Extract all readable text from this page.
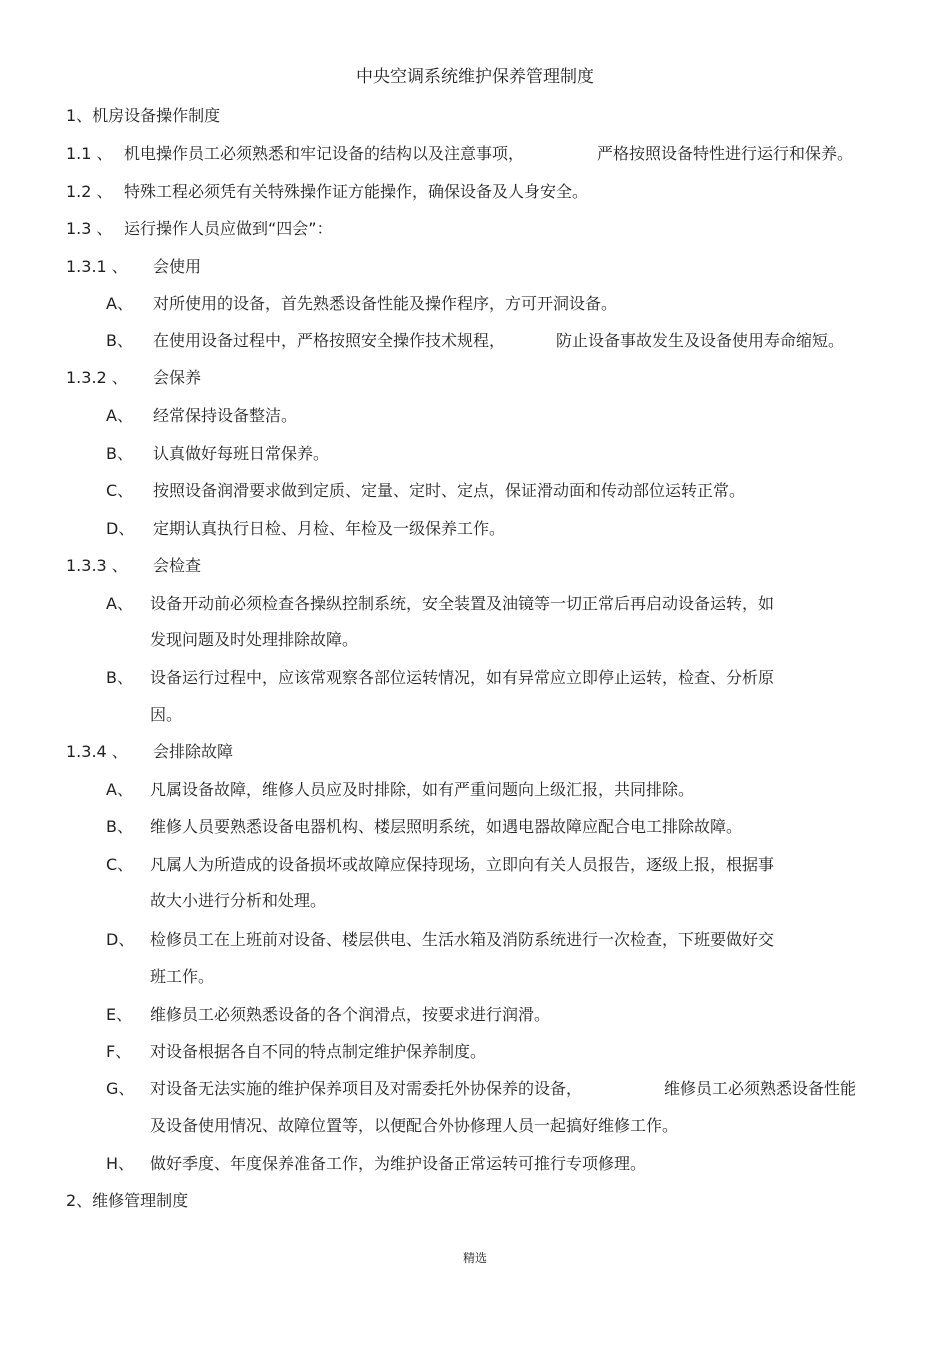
中央空调系统维护保养管理制度
1、机房设备操作制度
1.1 、 机电操作员工必须熟悉和牢记设备的结构以及注意事项，	严格按照设备特性进行运行和保养。
1.2 、 特殊工程必须凭有关特殊操作证方能操作，确保设备及人身安全。
1.3 、 运行操作人员应做到“四会”：
1.3.1 、 会使用
A、 对所使用的设备，首先熟悉设备性能及操作程序，方可开洞设备。
B、 在使用设备过程中，严格按照安全操作技术规程，	防止设备事故发生及设备使用寿命缩短。
1.3.2 、 会保养
A、 经常保持设备整洁。
B、 认真做好每班日常保养。
C、 按照设备润滑要求做到定质、定量、定时、定点，保证滑动面和传动部位运转正常。
D、 定期认真执行日检、月检、年检及一级保养工作。
1.3.3 、 会检查
A、 设备开动前必须检查各操纵控制系统，安全装置及油镜等一切正常后再启动设备运转，如
发现问题及时处理排除故障。
B、 设备运行过程中，应该常观察各部位运转情况，如有异常应立即停止运转，检查、分析原
因。
1.3.4 、 会排除故障
A、 凡属设备故障，维修人员应及时排除，如有严重问题向上级汇报，共同排除。
B、 维修人员要熟悉设备电器机构、楼层照明系统，如遇电器故障应配合电工排除故障。
C、 凡属人为所造成的设备损坏或故障应保持现场，立即向有关人员报告，逐级上报，根据事
故大小进行分析和处理。
D、 检修员工在上班前对设备、楼层供电、生活水箱及消防系统进行一次检查，下班要做好交
班工作。
E、 维修员工必须熟悉设备的各个润滑点，按要求进行润滑。
F、 对设备根据各自不同的特点制定维护保养制度。
G、 对设备无法实施的维护保养项目及对需委托外协保养的设备，	维修员工必须熟悉设备性能
及设备使用情况、故障位置等，以便配合外协修理人员一起搞好维修工作。
H、 做好季度、年度保养准备工作，为维护设备正常运转可推行专项修理。
2、维修管理制度
精选
